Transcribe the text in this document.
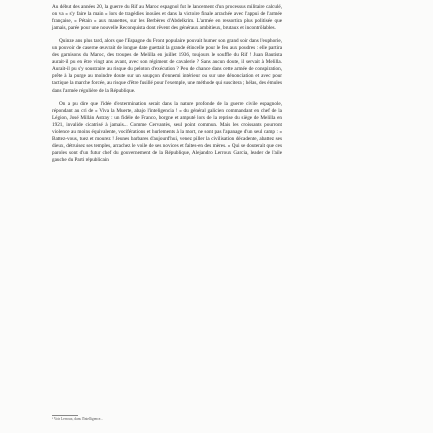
Au début des années 20, la guerre du Rif au Maroc espagnol fut le lancement d'un processus militaire calculé, on va « s'y faire la main » lors de tragédies inouïes et dans la victoire finale arrachée avec l'appui de l'armée française, « Pétain » aux manettes, sur les Berbères d'Abdelkrim. L'armée en ressortira plus politisée que jamais, parée pour une nouvelle Reconquista dont rêvent des généraux ambitieux, brutaux et incontrôlables.

Quinze ans plus tard, alors que l'Espagne du Front populaire pouvait humer son grand soir dans l'euphorie, un pouvoir de caserne œuvrait de longue date guettait la grande étincelle pour le feu aux poudres : elle partira des garnisons du Maroc, des troupes de Melilla en juillet 1936, toujours le souffle du Rif ! Juan Bautista aurait-il pu en être vingt ans avant, avec son régiment de cavalerie ? Sans aucun doute, il servait à Melilla. Aurait-il pu s'y soustraire au risque du peloton d'exécution ? Peu de chance dans cette armée de conspiration, prête à la purge au moindre doute sur un soupçon d'ennemi intérieur ou sur une dénonciation et avec pour tactique la marche forcée, au risque d'être fusillé pour l'exemple, une méthode qui suscitera ; hélas, des émules dans l'armée régulière de la République.

On a pu dire que l'idée d'extermination serait dans la nature profonde de la guerre civile espagnole, répondant au cri de « Viva la Muerte, abajo l'inteligencia ! » du général galicien commandant en chef de la Légion, José Millán Astray : un fidèle de Franco, borgne et amputé lors de la reprise du siège de Melilla en 1921, invalide cicatrisé à jamais... Comme Cervantès, seul point commun. Mais les croissants pourront violence au moins équivalente, vociférations et hurlements à la mort, ne sont pas l'apanage d'un seul camp : « Battez-vous, tuez et mourez ! Jeunes barbares d'aujourd'hui, venez piller la civilisation décadente, abattez ses dieux, détruisez ses temples, arrachez le voile de ses novices et faites-en des mères. » Qui se douterait que ces paroles sont d'un futur chef du gouvernement de la République, Alejandro Lerroux Garcia, leader de l'aile gauche du Parti républicain

¹ Voir Lerroux, dans l'Intelligence...
